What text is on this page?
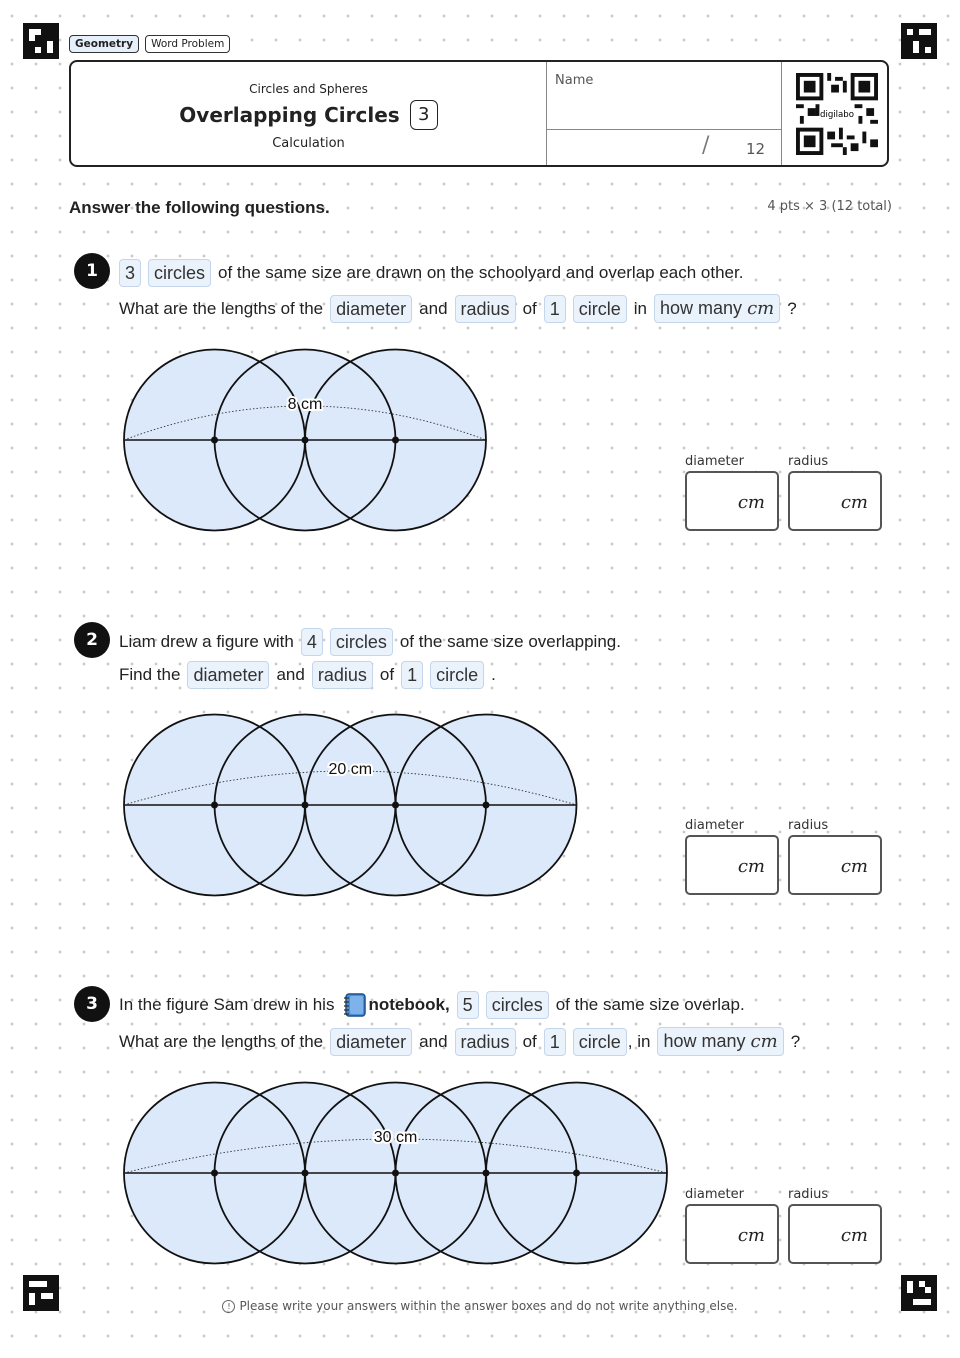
Geometry	Word Problem
Circles and Spheres
Overlapping Circles	3
Calculation
Name
/ 12
digilabo
Answer the following questions.	4 pts × 3 (12 total)
1	3	circles of the same size are drawn on the schoolyard and overlap each other.
What are the lengths of the diameter and radius of 1	circle in how many cm ?
8 cm
diameter	radius
cm	cm
2	Liam drew a figure with 4	circles of the same size overlapping.
Find the diameter and radius of 1	circle .
20 cm
diameter	radius
cm	cm
3	In the figure Sam drew in his notebook, 5	circles of the same size overlap.
What are the lengths of the diameter and radius of 1	circle , in how many cm ?
30 cm
diameter	radius
cm	cm
! Please write your answers within the answer boxes and do not write anything else.
